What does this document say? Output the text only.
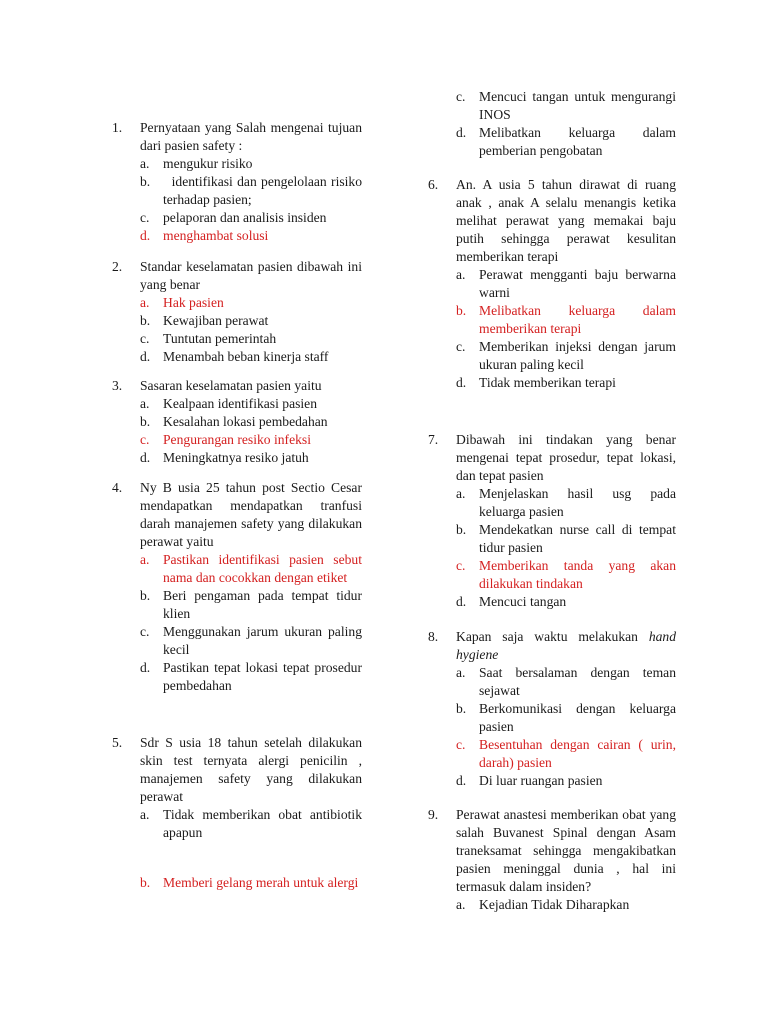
1. Pernyataan yang Salah mengenai tujuan dari pasien safety :
a. mengukur risiko
b. identifikasi dan pengelolaan risiko terhadap pasien;
c. pelaporan dan analisis insiden
d. menghambat solusi
2. Standar keselamatan pasien dibawah ini yang benar
a. Hak pasien
b. Kewajiban perawat
c. Tuntutan pemerintah
d. Menambah beban kinerja staff
3. Sasaran keselamatan pasien yaitu
a. Kealpaan identifikasi pasien
b. Kesalahan lokasi pembedahan
c. Pengurangan resiko infeksi
d. Meningkatnya resiko jatuh
4. Ny B usia 25 tahun post Sectio Cesar mendapatkan mendapatkan tranfusi darah manajemen safety yang dilakukan perawat yaitu
a. Pastikan identifikasi pasien sebut nama dan cocokkan dengan etiket
b. Beri pengaman pada tempat tidur klien
c. Menggunakan jarum ukuran paling kecil
d. Pastikan tepat lokasi tepat prosedur pembedahan
5. Sdr S usia 18 tahun setelah dilakukan skin test ternyata alergi penicilin , manajemen safety yang dilakukan perawat
a. Tidak memberikan obat antibiotik apapun
b. Memberi gelang merah untuk alergi
c. Mencuci tangan untuk mengurangi INOS
d. Melibatkan keluarga dalam pemberian pengobatan
6. An. A usia 5 tahun dirawat di ruang anak , anak A selalu menangis ketika melihat perawat yang memakai baju putih sehingga perawat kesulitan memberikan terapi
a. Perawat mengganti baju berwarna warni
b. Melibatkan keluarga dalam memberikan terapi
c. Memberikan injeksi dengan jarum ukuran paling kecil
d. Tidak memberikan terapi
7. Dibawah ini tindakan yang benar mengenai tepat prosedur, tepat lokasi, dan tepat pasien
a. Menjelaskan hasil usg pada keluarga pasien
b. Mendekatkan nurse call di tempat tidur pasien
c. Memberikan tanda yang akan dilakukan tindakan
d. Mencuci tangan
8. Kapan saja waktu melakukan hand hygiene
a. Saat bersalaman dengan teman sejawat
b. Berkomunikasi dengan keluarga pasien
c. Besentuhan dengan cairan ( urin, darah) pasien
d. Di luar ruangan pasien
9. Perawat anastesi memberikan obat yang salah Buvanest Spinal dengan Asam traneksamat sehingga mengakibatkan pasien meninggal dunia , hal ini termasuk dalam insiden?
a. Kejadian Tidak Diharapkan
